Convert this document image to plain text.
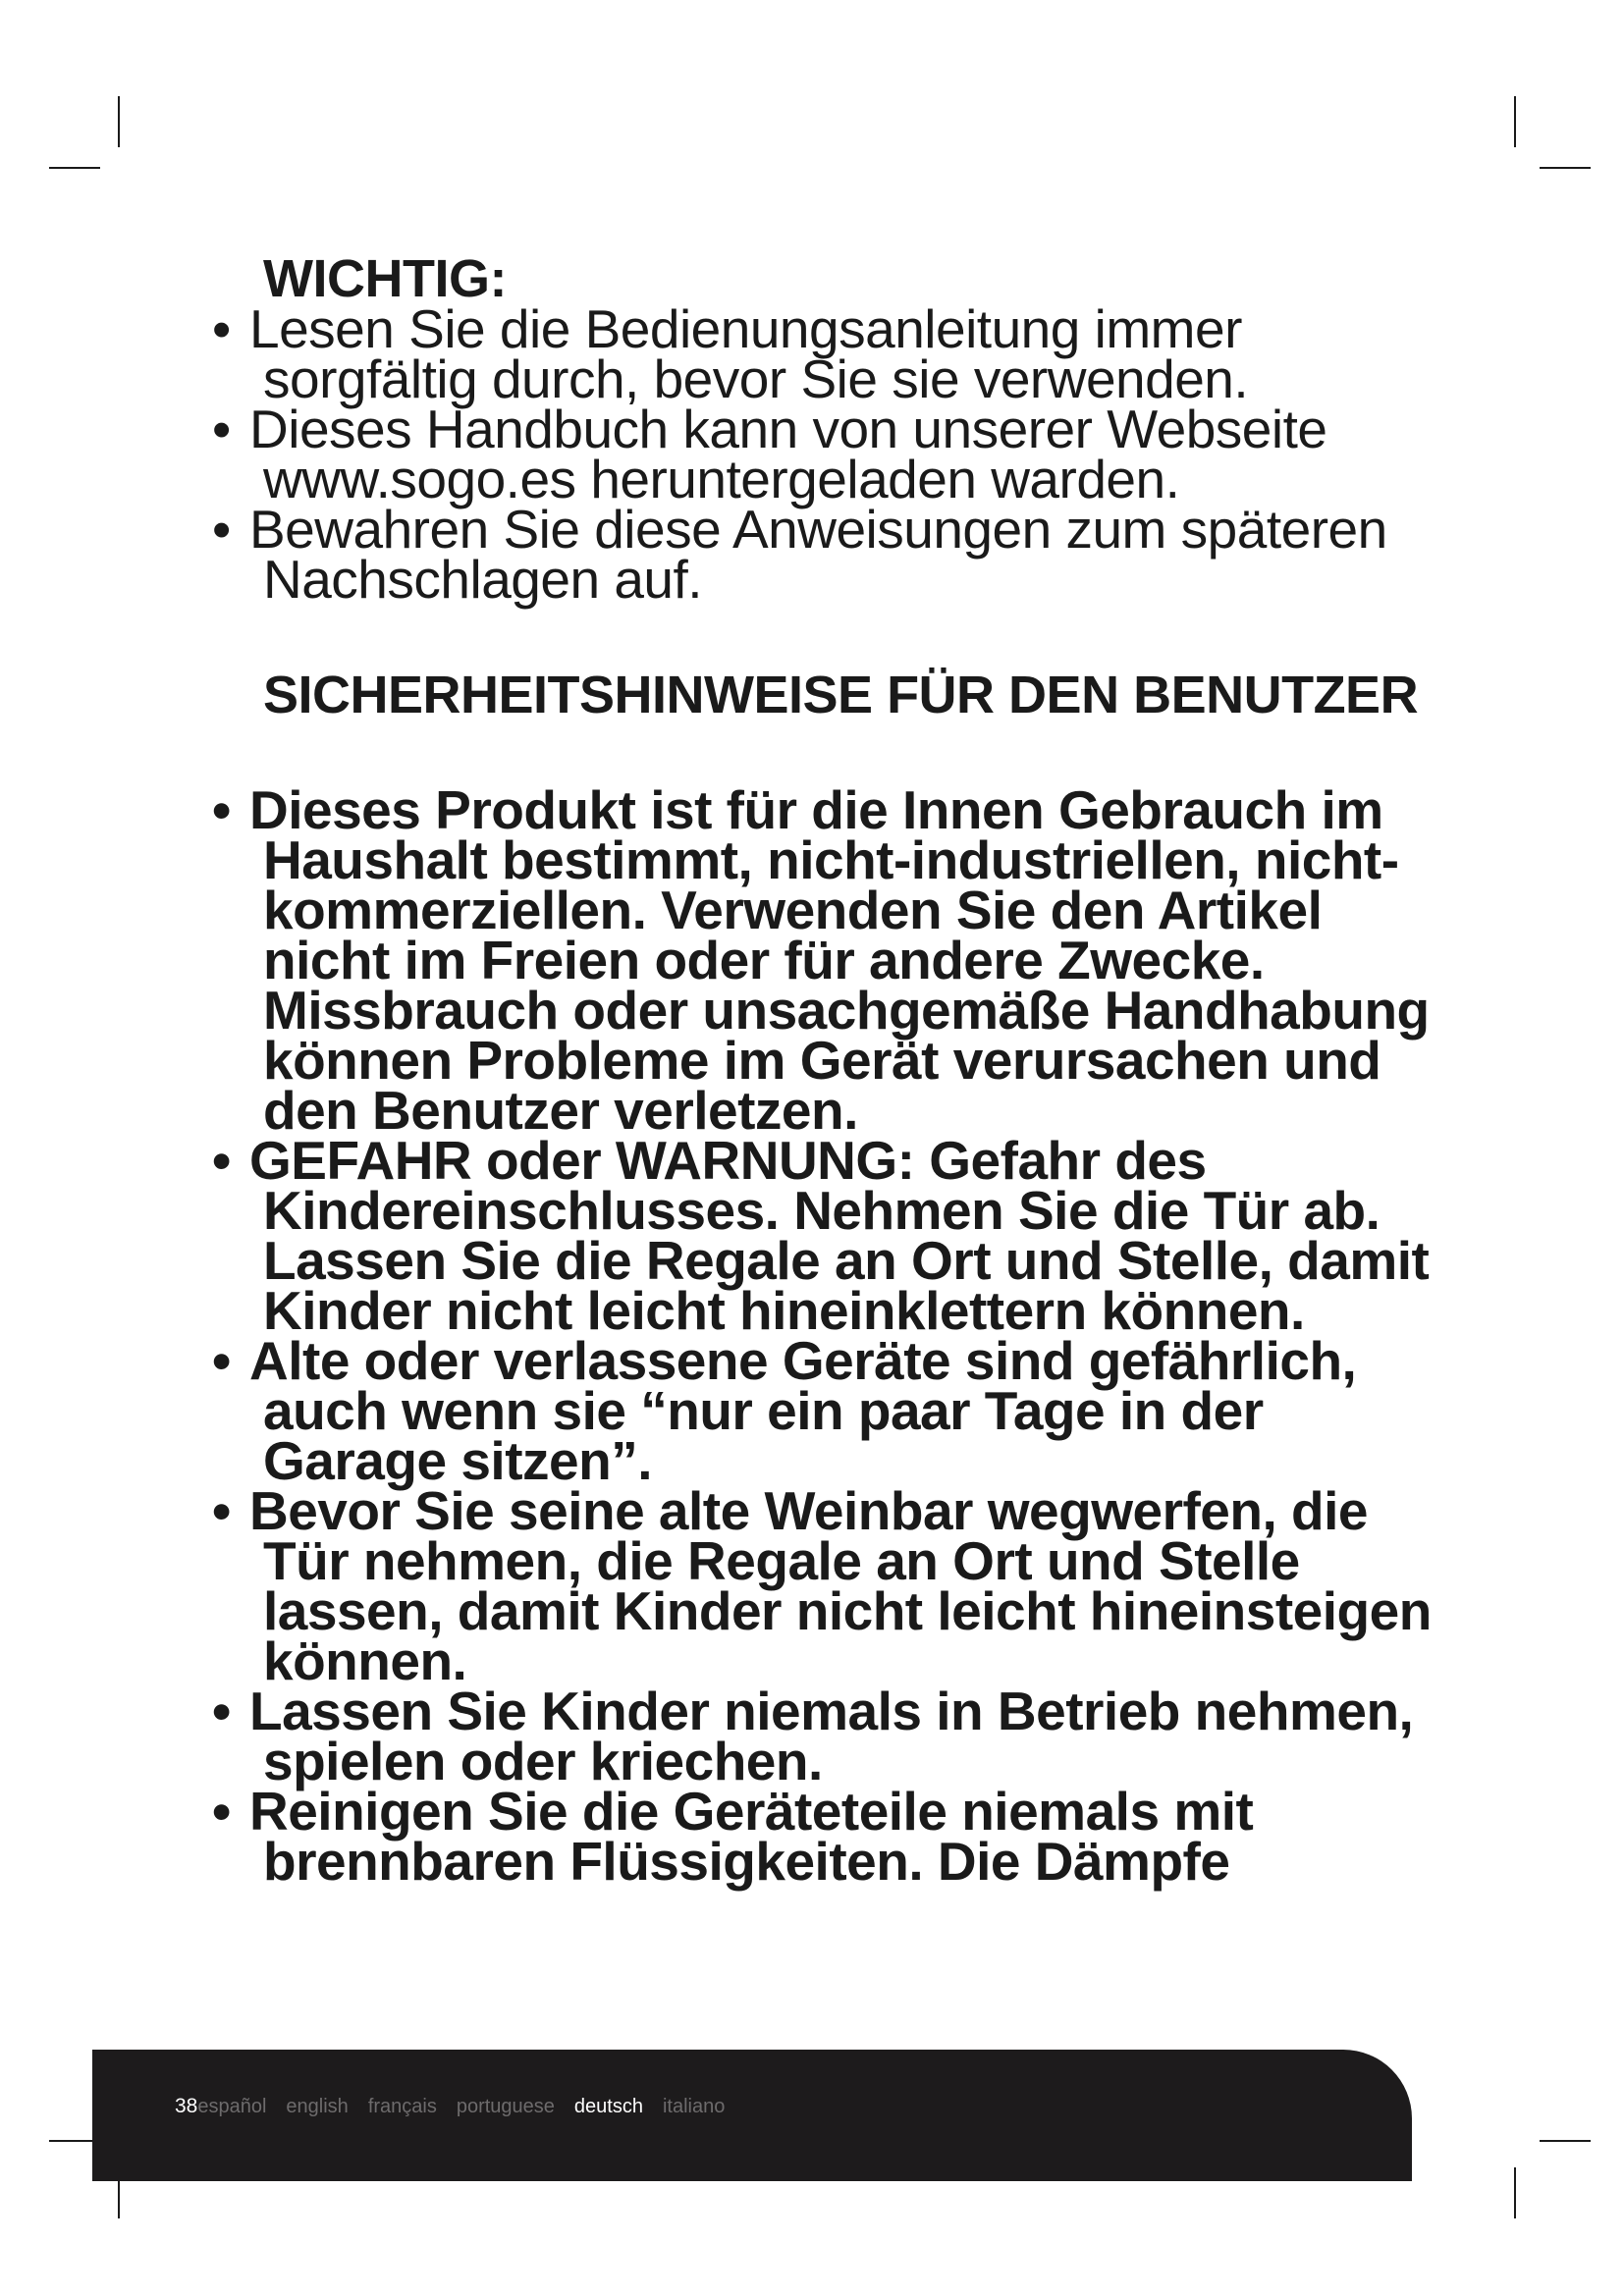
WICHTIG:
• Lesen Sie die Bedienungsanleitung immer sorgfältig durch, bevor Sie sie verwenden.
• Dieses Handbuch kann von unserer Webseite www.sogo.es heruntergeladen warden.
• Bewahren Sie diese Anweisungen zum späteren Nachschlagen auf.
SICHERHEITSHINWEISE FÜR DEN BENUTZER
• Dieses Produkt ist für die Innen Gebrauch im Haushalt bestimmt, nicht-industriellen, nicht-kommerziellen. Verwenden Sie den Artikel nicht im Freien oder für andere Zwecke. Missbrauch oder unsachgemäße Handhabung können Probleme im Gerät verursachen und den Benutzer verletzen.
• GEFAHR oder WARNUNG: Gefahr des Kindereinschlusses. Nehmen Sie die Tür ab. Lassen Sie die Regale an Ort und Stelle, damit Kinder nicht leicht hineinklettern können.
• Alte oder verlassene Geräte sind gefährlich, auch wenn sie “nur ein paar Tage in der Garage sitzen”.
• Bevor Sie seine alte Weinbar wegwerfen, die Tür nehmen, die Regale an Ort und Stelle lassen, damit Kinder nicht leicht hineinsteigen können.
• Lassen Sie Kinder niemals in Betrieb nehmen, spielen oder kriechen.
• Reinigen Sie die Geräteteile niemals mit brennbaren Flüssigkeiten. Die Dämpfe
38 español english français portuguese deutsch italiano
